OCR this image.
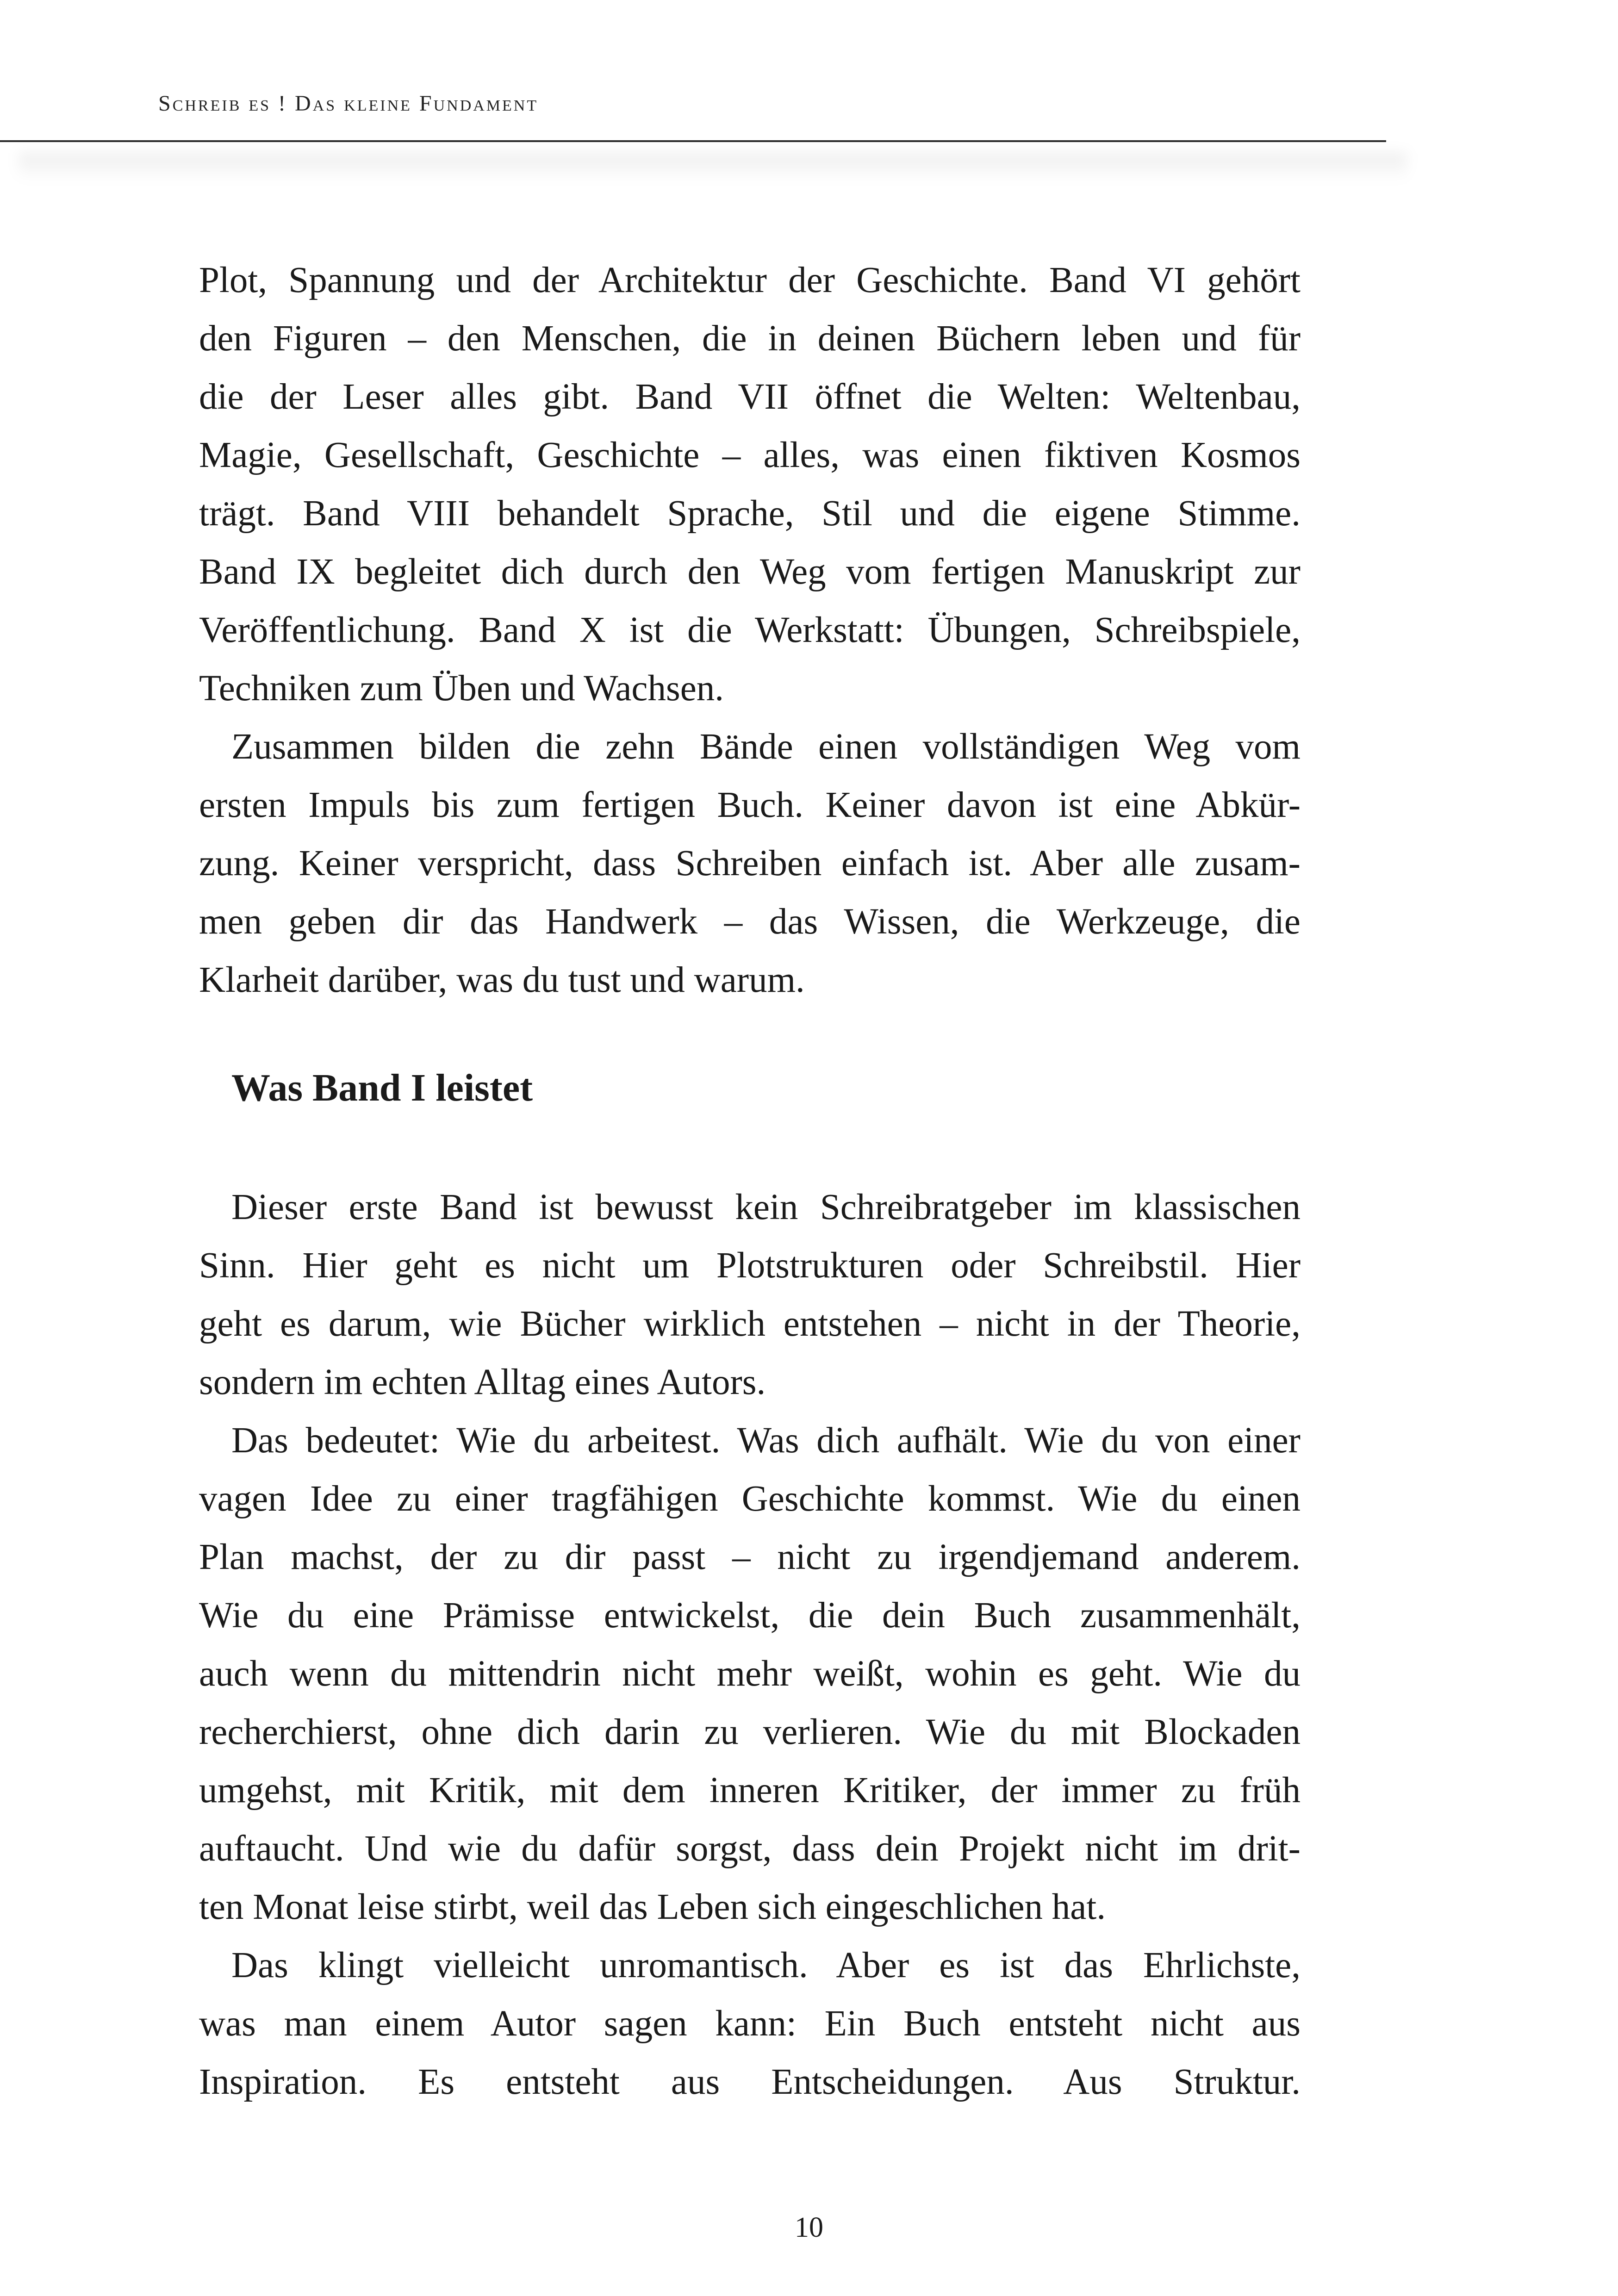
Schreib es ! Das kleine Fundament
Plot, Spannung und der Architektur der Geschichte. Band VI gehört
den Figuren – den Menschen, die in deinen Büchern leben und für
die der Leser alles gibt. Band VII öffnet die Welten: Weltenbau,
Magie, Gesellschaft, Geschichte – alles, was einen fiktiven Kosmos
trägt. Band VIII behandelt Sprache, Stil und die eigene Stimme.
Band IX begleitet dich durch den Weg vom fertigen Manuskript zur
Veröffentlichung. Band X ist die Werkstatt: Übungen, Schreibspiele,
Techniken zum Üben und Wachsen.
Zusammen bilden die zehn Bände einen vollständigen Weg vom
ersten Impuls bis zum fertigen Buch. Keiner davon ist eine Abkür-
zung. Keiner verspricht, dass Schreiben einfach ist. Aber alle zusam-
men geben dir das Handwerk – das Wissen, die Werkzeuge, die
Klarheit darüber, was du tust und warum.
Was Band I leistet
Dieser erste Band ist bewusst kein Schreibratgeber im klassischen
Sinn. Hier geht es nicht um Plotstrukturen oder Schreibstil. Hier
geht es darum, wie Bücher wirklich entstehen – nicht in der Theorie,
sondern im echten Alltag eines Autors.
Das bedeutet: Wie du arbeitest. Was dich aufhält. Wie du von einer
vagen Idee zu einer tragfähigen Geschichte kommst. Wie du einen
Plan machst, der zu dir passt – nicht zu irgendjemand anderem.
Wie du eine Prämisse entwickelst, die dein Buch zusammenhält,
auch wenn du mittendrin nicht mehr weißt, wohin es geht. Wie du
recherchierst, ohne dich darin zu verlieren. Wie du mit Blockaden
umgehst, mit Kritik, mit dem inneren Kritiker, der immer zu früh
auftaucht. Und wie du dafür sorgst, dass dein Projekt nicht im drit-
ten Monat leise stirbt, weil das Leben sich eingeschlichen hat.
Das klingt vielleicht unromantisch. Aber es ist das Ehrlichste,
was man einem Autor sagen kann: Ein Buch entsteht nicht aus
Inspiration. Es entsteht aus Entscheidungen. Aus Struktur.
10
